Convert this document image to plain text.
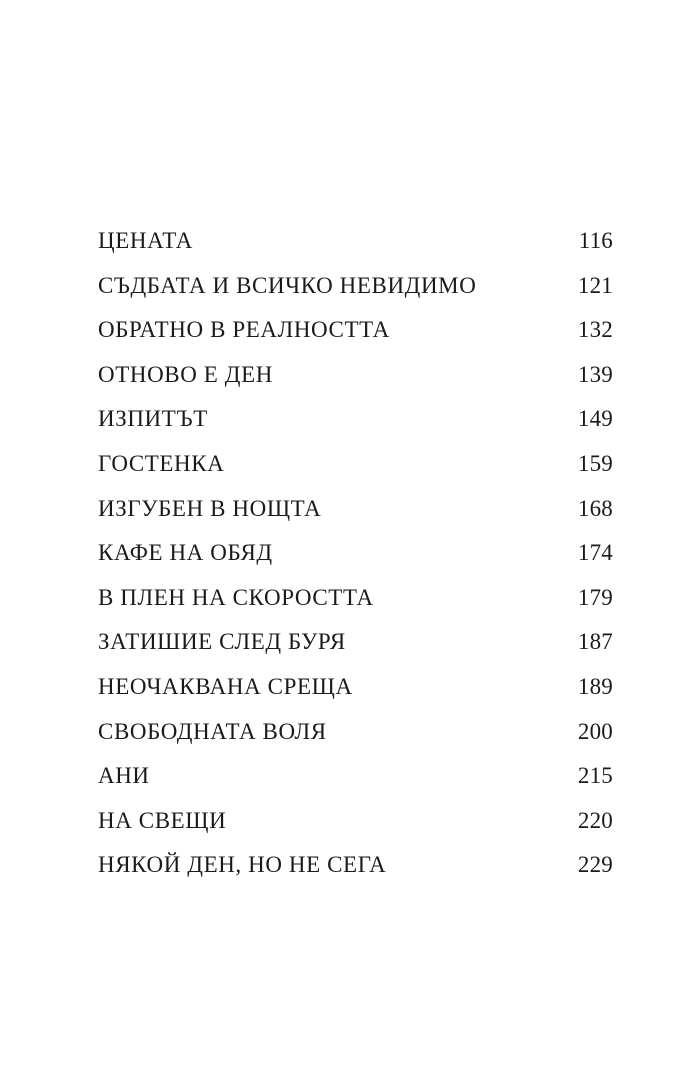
ЦЕНАТА	116
СЪДБАТА И ВСИЧКО НЕВИДИМО	121
ОБРАТНО В РЕАЛНОСТТА	132
ОТНОВО Е ДЕН	139
ИЗПИТЪТ	149
ГОСТЕНКА	159
ИЗГУБЕН В НОЩТА	168
КАФЕ НА ОБЯД	174
В ПЛЕН НА СКОРОСТТА	179
ЗАТИШИЕ СЛЕД БУРЯ	187
НЕОЧАКВАНА СРЕЩА	189
СВОБОДНАТА ВОЛЯ	200
АНИ	215
НА СВЕЩИ	220
НЯКОЙ ДЕН, НО НЕ СЕГА	229
